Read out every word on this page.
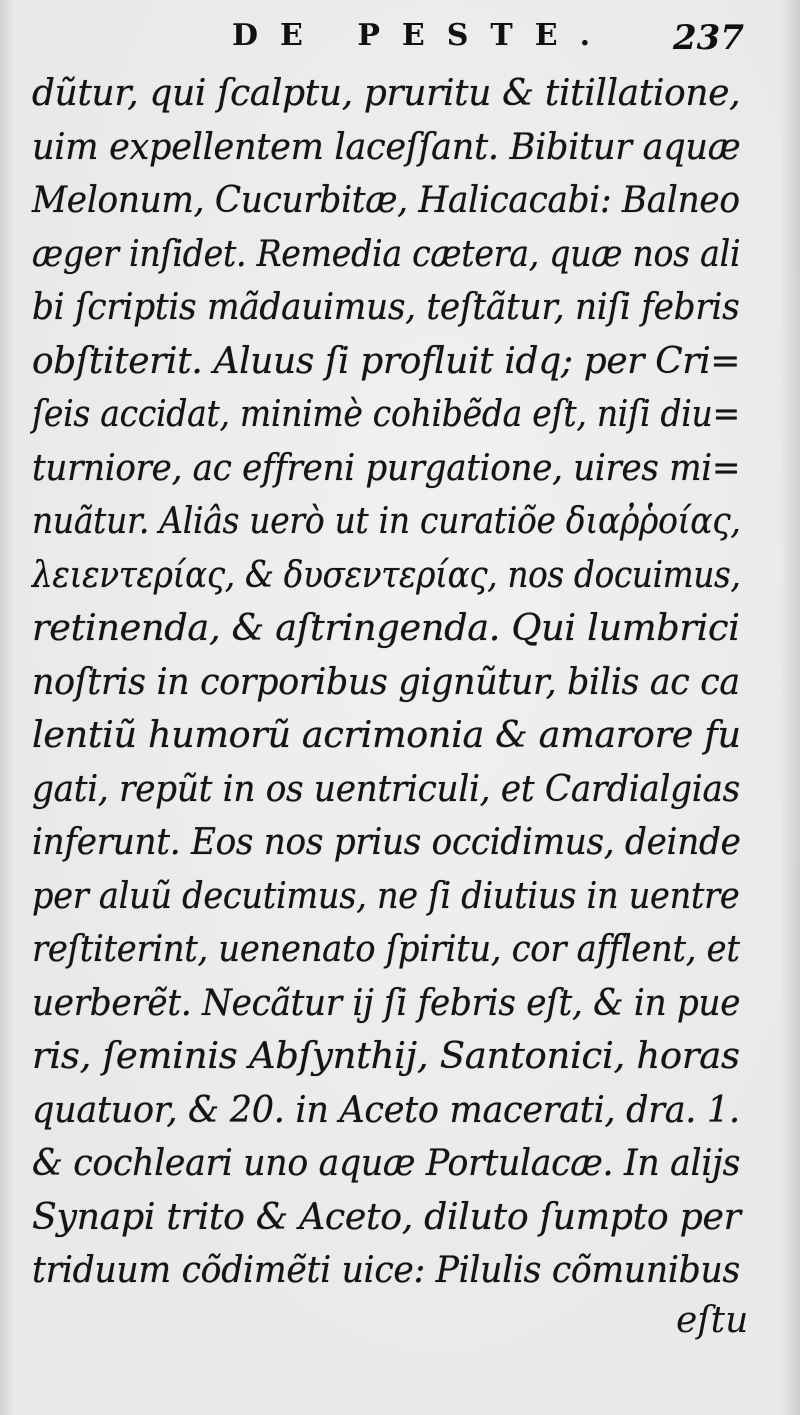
DE PESTE. 237
dũtur, qui ſcalptu, pruritu & titillatione,
uim expellentem laceſſant. Bibitur aquæ
Melonum, Cucurbitæ, Halicacabi: Balneo
æger inſidet. Remedia cætera, quæ nos ali
bi ſcriptis mãdauimus, teſtãtur, niſi febris
obſtiterit. Aluus ſi profluit idq; per Cri=
ſeis accidat, minimè cohibẽda eſt, niſi diu=
turniore, ac effreni purgatione, uires mi=
nuãtur. Aliâs uerò ut in curatiõe διαῤῥοίας,
λειεντερίας, & δυσεντερίας, nos docuimus,
retinenda, & aſtringenda. Qui lumbrici
noſtris in corporibus gignũtur, bilis ac ca
lentiũ humorũ acrimonia & amarore fu
gati, repũt in os uentriculi, et Cardialgias
inferunt. Eos nos prius occidimus, deinde
per aluũ decutimus, ne ſi diutius in uentre
reſtiterint, uenenato ſpiritu, cor afflent, et
uerberẽt. Necãtur ij ſi febris eſt, & in pue
ris, ſeminis Abſynthij, Santonici, horas
quatuor, & 20. in Aceto macerati, dra. 1.
& cochleari uno aquæ Portulacæ. In alijs
Synapi trito & Aceto, diluto ſumpto per
triduum cõdimẽti uice: Pilulis cõmunibus
eſtu
